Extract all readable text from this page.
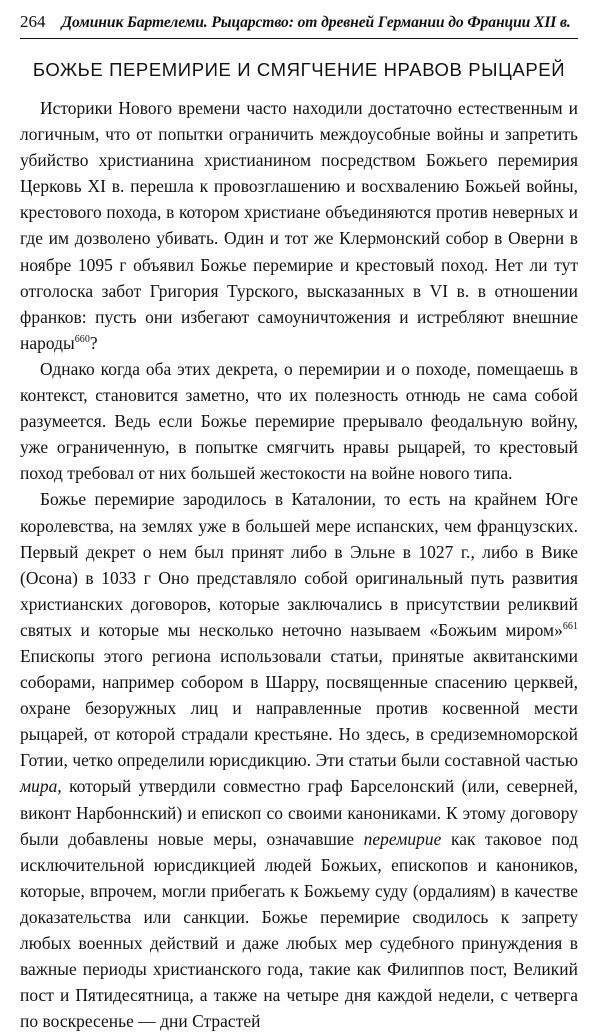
264 Доминик Бартелеми. Рыцарство: от древней Германии до Франции XII в.
БОЖЬЕ ПЕРЕМИРИЕ И СМЯГЧЕНИЕ НРАВОВ РЫЦАРЕЙ

Историки Нового времени часто находили достаточно естественным и логичным, что от попытки ограничить междоусобные войны и запретить убийство христианина христианином посредством Божьего перемирия Церковь XI в. перешла к провозглашению и восхвалению Божьей войны, крестового похода, в котором христиане объединяются против неверных и где им дозволено убивать. Один и тот же Клермонский собор в Оверни в ноябре 1095 г объявил Божье перемирие и крестовый поход. Нет ли тут отголоска забот Григория Турского, высказанных в VI в. в отношении франков: пусть они избегают самоуничтожения и истребляют внешние народы$^{660}$?

Однако когда оба этих декрета, о перемирии и о походе, помещаешь в контекст, становится заметно, что их полезность отнюдь не сама собой разумеется. Ведь если Божье перемирие прерывало феодальную войну, уже ограниченную, в попытке смягчить нравы рыцарей, то крестовый поход требовал от них большей жестокости на войне нового типа.

Божье перемирие зародилось в Каталонии, то есть на крайнем Юге королевства, на землях уже в большей мере испанских, чем французских. Первый декрет о нем был принят либо в Эльне в 1027 г., либо в Вике (Осона) в 1033 г Оно представляло собой оригинальный путь развития христианских договоров, которые заключались в присутствии реликвий святых и которые мы несколько неточно называем «Божьим миром»$^{661}$ Епископы этого региона использовали статьи, принятые аквитанскими соборами, например собором в Шарру, посвященные спасению церквей, охране безоружных лиц и направленные против косвенной мести рыцарей, от которой страдали крестьяне. Но здесь, в средиземноморской Готии, четко определили юрисдикцию. Эти статьи были составной частью мира, который утвердили совместно граф Барселонский (или, северней, виконт Нарбоннский) и епископ со своими канониками. К этому договору были добавлены новые меры, означавшие перемирие как таковое под исключительной юрисдикцией людей Божьих, епископов и каноников, которые, впрочем, могли прибегать к Божьему суду (ордалиям) в качестве доказательства или санкции. Божье перемирие сводилось к запрету любых военных действий и даже любых мер судебного принуждения в важные периоды христианского года, такие как Филиппов пост, Великий пост и Пятидесятница, а также на четыре дня каждой недели, с четверга по воскресенье — дни Страстей
